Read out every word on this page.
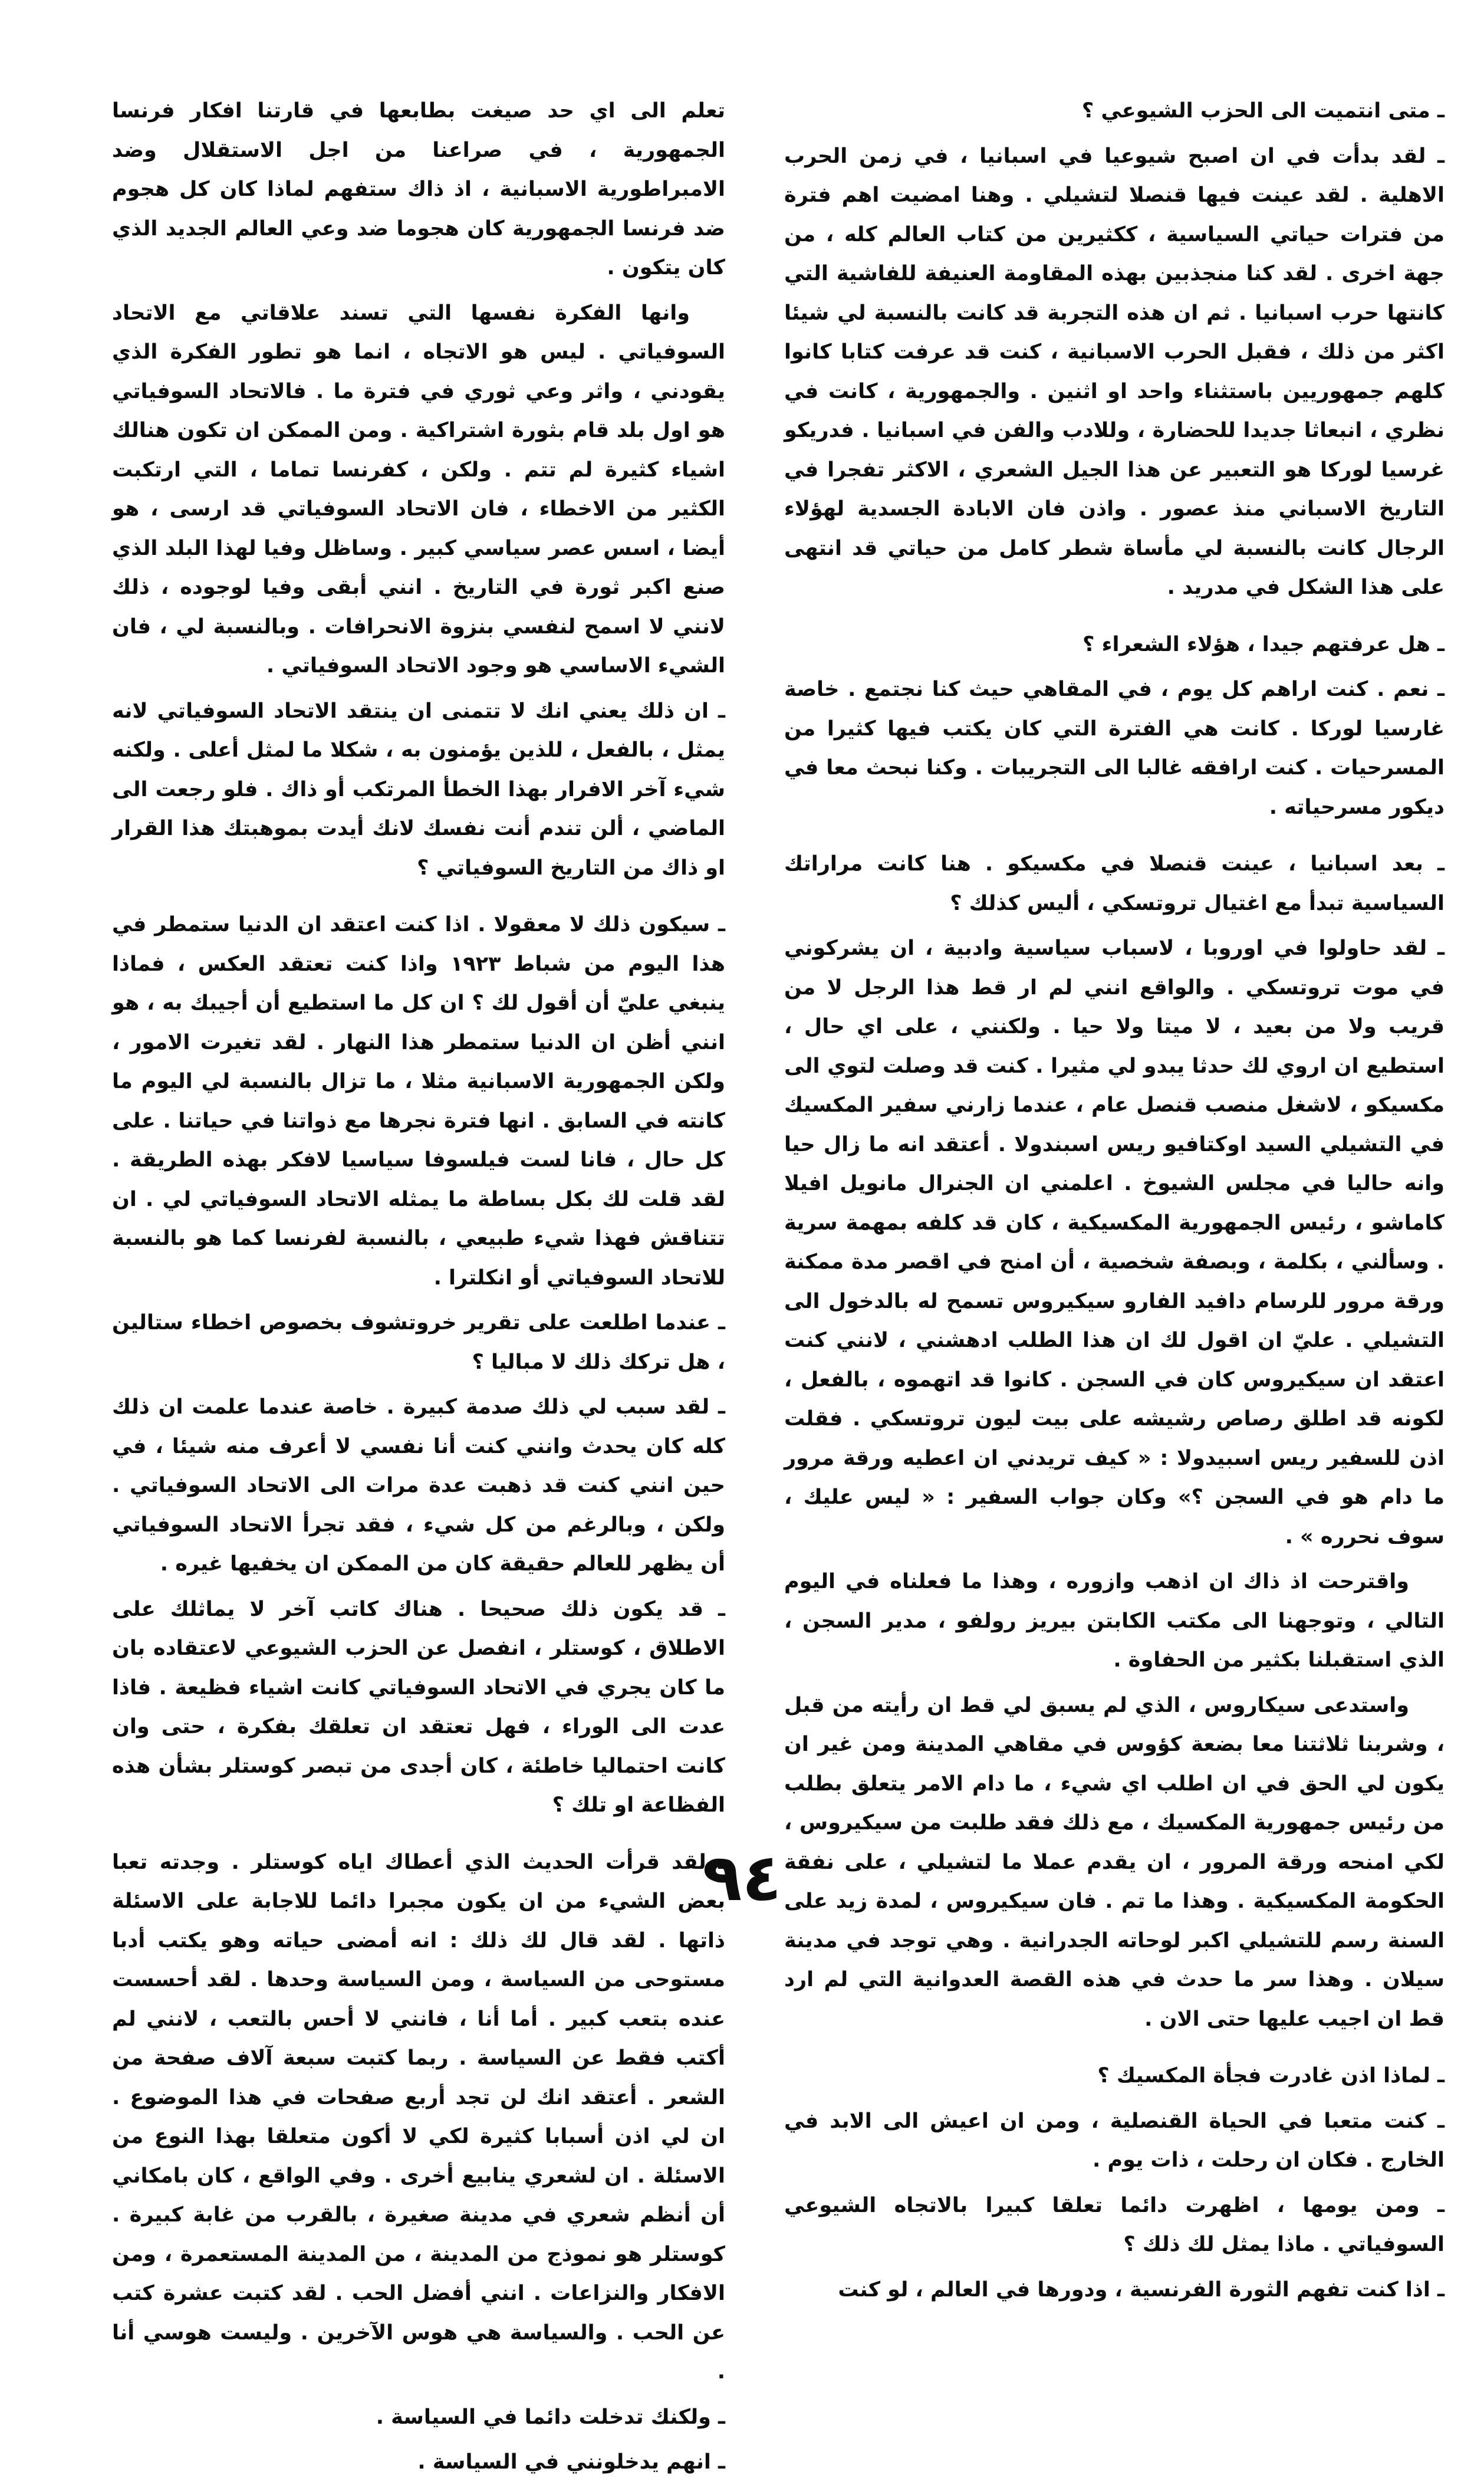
ـ متى انتميت الى الحزب الشيوعي ؟

ـ لقد بدأت في ان اصبح شيوعيا في اسبانيا ، في زمن الحرب الاهلية . لقد عينت فيها قنصلا لتشيلي . وهنا امضيت اهم فترة من فترات حياتي السياسية ، ككثيرين من كتاب العالم كله ، من جهة اخرى . لقد كنا منجذبين بهذه المقاومة العنيفة للفاشية التي كانتها حرب اسبانيا . ثم ان هذه التجربة قد كانت بالنسبة لي شيئا اكثر من ذلك ، فقبل الحرب الاسبانية ، كنت قد عرفت كتابا كانوا كلهم جمهوريين باستثناء واحد او اثنين . والجمهورية ، كانت في نظري ، انبعاثا جديدا للحضارة ، وللادب والفن في اسبانيا . فدريكو غرسيا لوركا هو التعبير عن هذا الجيل الشعري ، الاكثر تفجرا في التاريخ الاسباني منذ عصور . واذن فان الابادة الجسدية لهؤلاء الرجال كانت بالنسبة لي مأساة شطر كامل من حياتي قد انتهى على هذا الشكل في مدريد .

ـ هل عرفتهم جيدا ، هؤلاء الشعراء ؟

ـ نعم . كنت اراهم كل يوم ، في المقاهي حيث كنا نجتمع . خاصة غارسيا لوركا . كانت هي الفترة التي كان يكتب فيها كثيرا من المسرحيات . كنت ارافقه غالبا الى التجريبات . وكنا نبحث معا في ديكور مسرحياته .

ـ بعد اسبانيا ، عينت قنصلا في مكسيكو . هنا كانت مراراتك السياسية تبدأ مع اغتيال تروتسكي ، أليس كذلك ؟

ـ لقد حاولوا في اوروبا ، لاسباب سياسية وادبية ، ان يشركوني في موت تروتسكي . والواقع انني لم ار قط هذا الرجل لا من قريب ولا من بعيد ، لا ميتا ولا حيا . ولكنني ، على اي حال ، استطيع ان اروي لك حدثا يبدو لي مثيرا . كنت قد وصلت لتوي الى مكسيكو ، لاشغل منصب قنصل عام ، عندما زارني سفير المكسيك في التشيلي السيد اوكتافيو ريس اسبندولا . أعتقد انه ما زال حيا وانه حاليا في مجلس الشيوخ . اعلمني ان الجنرال مانويل افيلا كاماشو ، رئيس الجمهورية المكسيكية ، كان قد كلفه بمهمة سرية . وسألني ، بكلمة ، وبصفة شخصية ، أن امنح في اقصر مدة ممكنة ورقة مرور للرسام دافيد الفارو سيكيروس تسمح له بالدخول الى التشيلي . عليّ ان اقول لك ان هذا الطلب ادهشني ، لانني كنت اعتقد ان سيكيروس كان في السجن . كانوا قد اتهموه ، بالفعل ، لكونه قد اطلق رصاص رشيشه على بيت ليون تروتسكي . فقلت اذن للسفير ريس اسبيدولا : « كيف تريدني ان اعطيه ورقة مرور ما دام هو في السجن ؟» وكان جواب السفير : « ليس عليك ، سوف نحرره » .

واقترحت اذ ذاك ان اذهب وازوره ، وهذا ما فعلناه في اليوم التالي ، وتوجهنا الى مكتب الكابتن بيريز رولفو ، مدير السجن ، الذي استقبلنا بكثير من الحفاوة .

واستدعى سيكاروس ، الذي لم يسبق لي قط ان رأيته من قبل ، وشربنا ثلاثتنا معا بضعة كؤوس في مقاهي المدينة ومن غير ان يكون لي الحق في ان اطلب اي شيء ، ما دام الامر يتعلق بطلب من رئيس جمهورية المكسيك ، مع ذلك فقد طلبت من سيكيروس ، لكي امنحه ورقة المرور ، ان يقدم عملا ما لتشيلي ، على نفقة الحكومة المكسيكية . وهذا ما تم . فان سيكيروس ، لمدة زيد على السنة رسم للتشيلي اكبر لوحاته الجدرانية . وهي توجد في مدينة سيلان . وهذا سر ما حدث في هذه القصة العدوانية التي لم ارد قط ان اجيب عليها حتى الان .

ـ لماذا اذن غادرت فجأة المكسيك ؟

ـ كنت متعبا في الحياة القنصلية ، ومن ان اعيش الى الابد في الخارج . فكان ان رحلت ، ذات يوم .

ـ ومن يومها ، اظهرت دائما تعلقا كبيرا بالاتجاه الشيوعي السوفياتي . ماذا يمثل لك ذلك ؟

ـ اذا كنت تفهم الثورة الفرنسية ، ودورها في العالم ، لو كنت

تعلم الى اي حد صيغت بطابعها في قارتنا افكار فرنسا الجمهورية ، في صراعنا من اجل الاستقلال وضد الامبراطورية الاسبانية ، اذ ذاك ستفهم لماذا كان كل هجوم ضد فرنسا الجمهورية كان هجوما ضد وعي العالم الجديد الذي كان يتكون .

وانها الفكرة نفسها التي تسند علاقاتي مع الاتحاد السوفياتي . ليس هو الاتجاه ، انما هو تطور الفكرة الذي يقودني ، واثر وعي ثوري في فترة ما . فالاتحاد السوفياتي هو اول بلد قام بثورة اشتراكية . ومن الممكن ان تكون هنالك اشياء كثيرة لم تتم . ولكن ، كفرنسا تماما ، التي ارتكبت الكثير من الاخطاء ، فان الاتحاد السوفياتي قد ارسى ، هو أيضا ، اسس عصر سياسي كبير . وساظل وفيا لهذا البلد الذي صنع اكبر ثورة في التاريخ . انني أبقى وفيا لوجوده ، ذلك لانني لا اسمح لنفسي بنزوة الانحرافات . وبالنسبة لي ، فان الشيء الاساسي هو وجود الاتحاد السوفياتي .

ـ ان ذلك يعني انك لا تتمنى ان ينتقد الاتحاد السوفياتي لانه يمثل ، بالفعل ، للذين يؤمنون به ، شكلا ما لمثل أعلى . ولكنه شيء آخر الافرار بهذا الخطأ المرتكب أو ذاك . فلو رجعت الى الماضي ، ألن تندم أنت نفسك لانك أيدت بموهبتك هذا القرار او ذاك من التاريخ السوفياتي ؟

ـ سيكون ذلك لا معقولا . اذا كنت اعتقد ان الدنيا ستمطر في هذا اليوم من شباط ١٩٢٣ واذا كنت تعتقد العكس ، فماذا ينبغي عليّ أن أقول لك ؟ ان كل ما استطيع أن أجيبك به ، هو انني أظن ان الدنيا ستمطر هذا النهار . لقد تغيرت الامور ، ولكن الجمهورية الاسبانية مثلا ، ما تزال بالنسبة لي اليوم ما كانته في السابق . انها فترة نجرها مع ذواتنا في حياتنا . على كل حال ، فانا لست فيلسوفا سياسيا لافكر بهذه الطريقة . لقد قلت لك بكل بساطة ما يمثله الاتحاد السوفياتي لي . ان تتناقش فهذا شيء طبيعي ، بالنسبة لفرنسا كما هو بالنسبة للاتحاد السوفياتي أو انكلترا .

ـ عندما اطلعت على تقرير خروتشوف بخصوص اخطاء ستالين ، هل تركك ذلك لا مباليا ؟

ـ لقد سبب لي ذلك صدمة كبيرة . خاصة عندما علمت ان ذلك كله كان يحدث وانني كنت أنا نفسي لا أعرف منه شيئا ، في حين انني كنت قد ذهبت عدة مرات الى الاتحاد السوفياتي . ولكن ، وبالرغم من كل شيء ، فقد تجرأ الاتحاد السوفياتي أن يظهر للعالم حقيقة كان من الممكن ان يخفيها غيره .

ـ قد يكون ذلك صحيحا . هناك كاتب آخر لا يماثلك على الاطلاق ، كوستلر ، انفصل عن الحزب الشيوعي لاعتقاده بان ما كان يجري في الاتحاد السوفياتي كانت اشياء فظيعة . فاذا عدت الى الوراء ، فهل تعتقد ان تعلقك بفكرة ، حتى وان كانت احتماليا خاطئة ، كان أجدى من تبصر كوستلر بشأن هذه الفظاعة او تلك ؟

ـ لقد قرأت الحديث الذي أعطاك اياه كوستلر . وجدته تعبا بعض الشيء من ان يكون مجبرا دائما للاجابة على الاسئلة ذاتها . لقد قال لك ذلك : انه أمضى حياته وهو يكتب أدبا مستوحى من السياسة ، ومن السياسة وحدها . لقد أحسست عنده بتعب كبير . أما أنا ، فانني لا أحس بالتعب ، لانني لم أكتب فقط عن السياسة . ربما كتبت سبعة آلاف صفحة من الشعر . أعتقد انك لن تجد أربع صفحات في هذا الموضوع . ان لي اذن أسبابا كثيرة لكي لا أكون متعلقا بهذا النوع من الاسئلة . ان لشعري ينابيع أخرى . وفي الواقع ، كان بامكاني أن أنظم شعري في مدينة صغيرة ، بالقرب من غابة كبيرة . كوستلر هو نموذج من المدينة ، من المدينة المستعمرة ، ومن الافكار والنزاعات . انني أفضل الحب . لقد كتبت عشرة كتب عن الحب . والسياسة هي هوس الآخرين . وليست هوسي أنا .

ـ ولكنك تدخلت دائما في السياسة .

ـ انهم يدخلونني في السياسة .

٩٤
